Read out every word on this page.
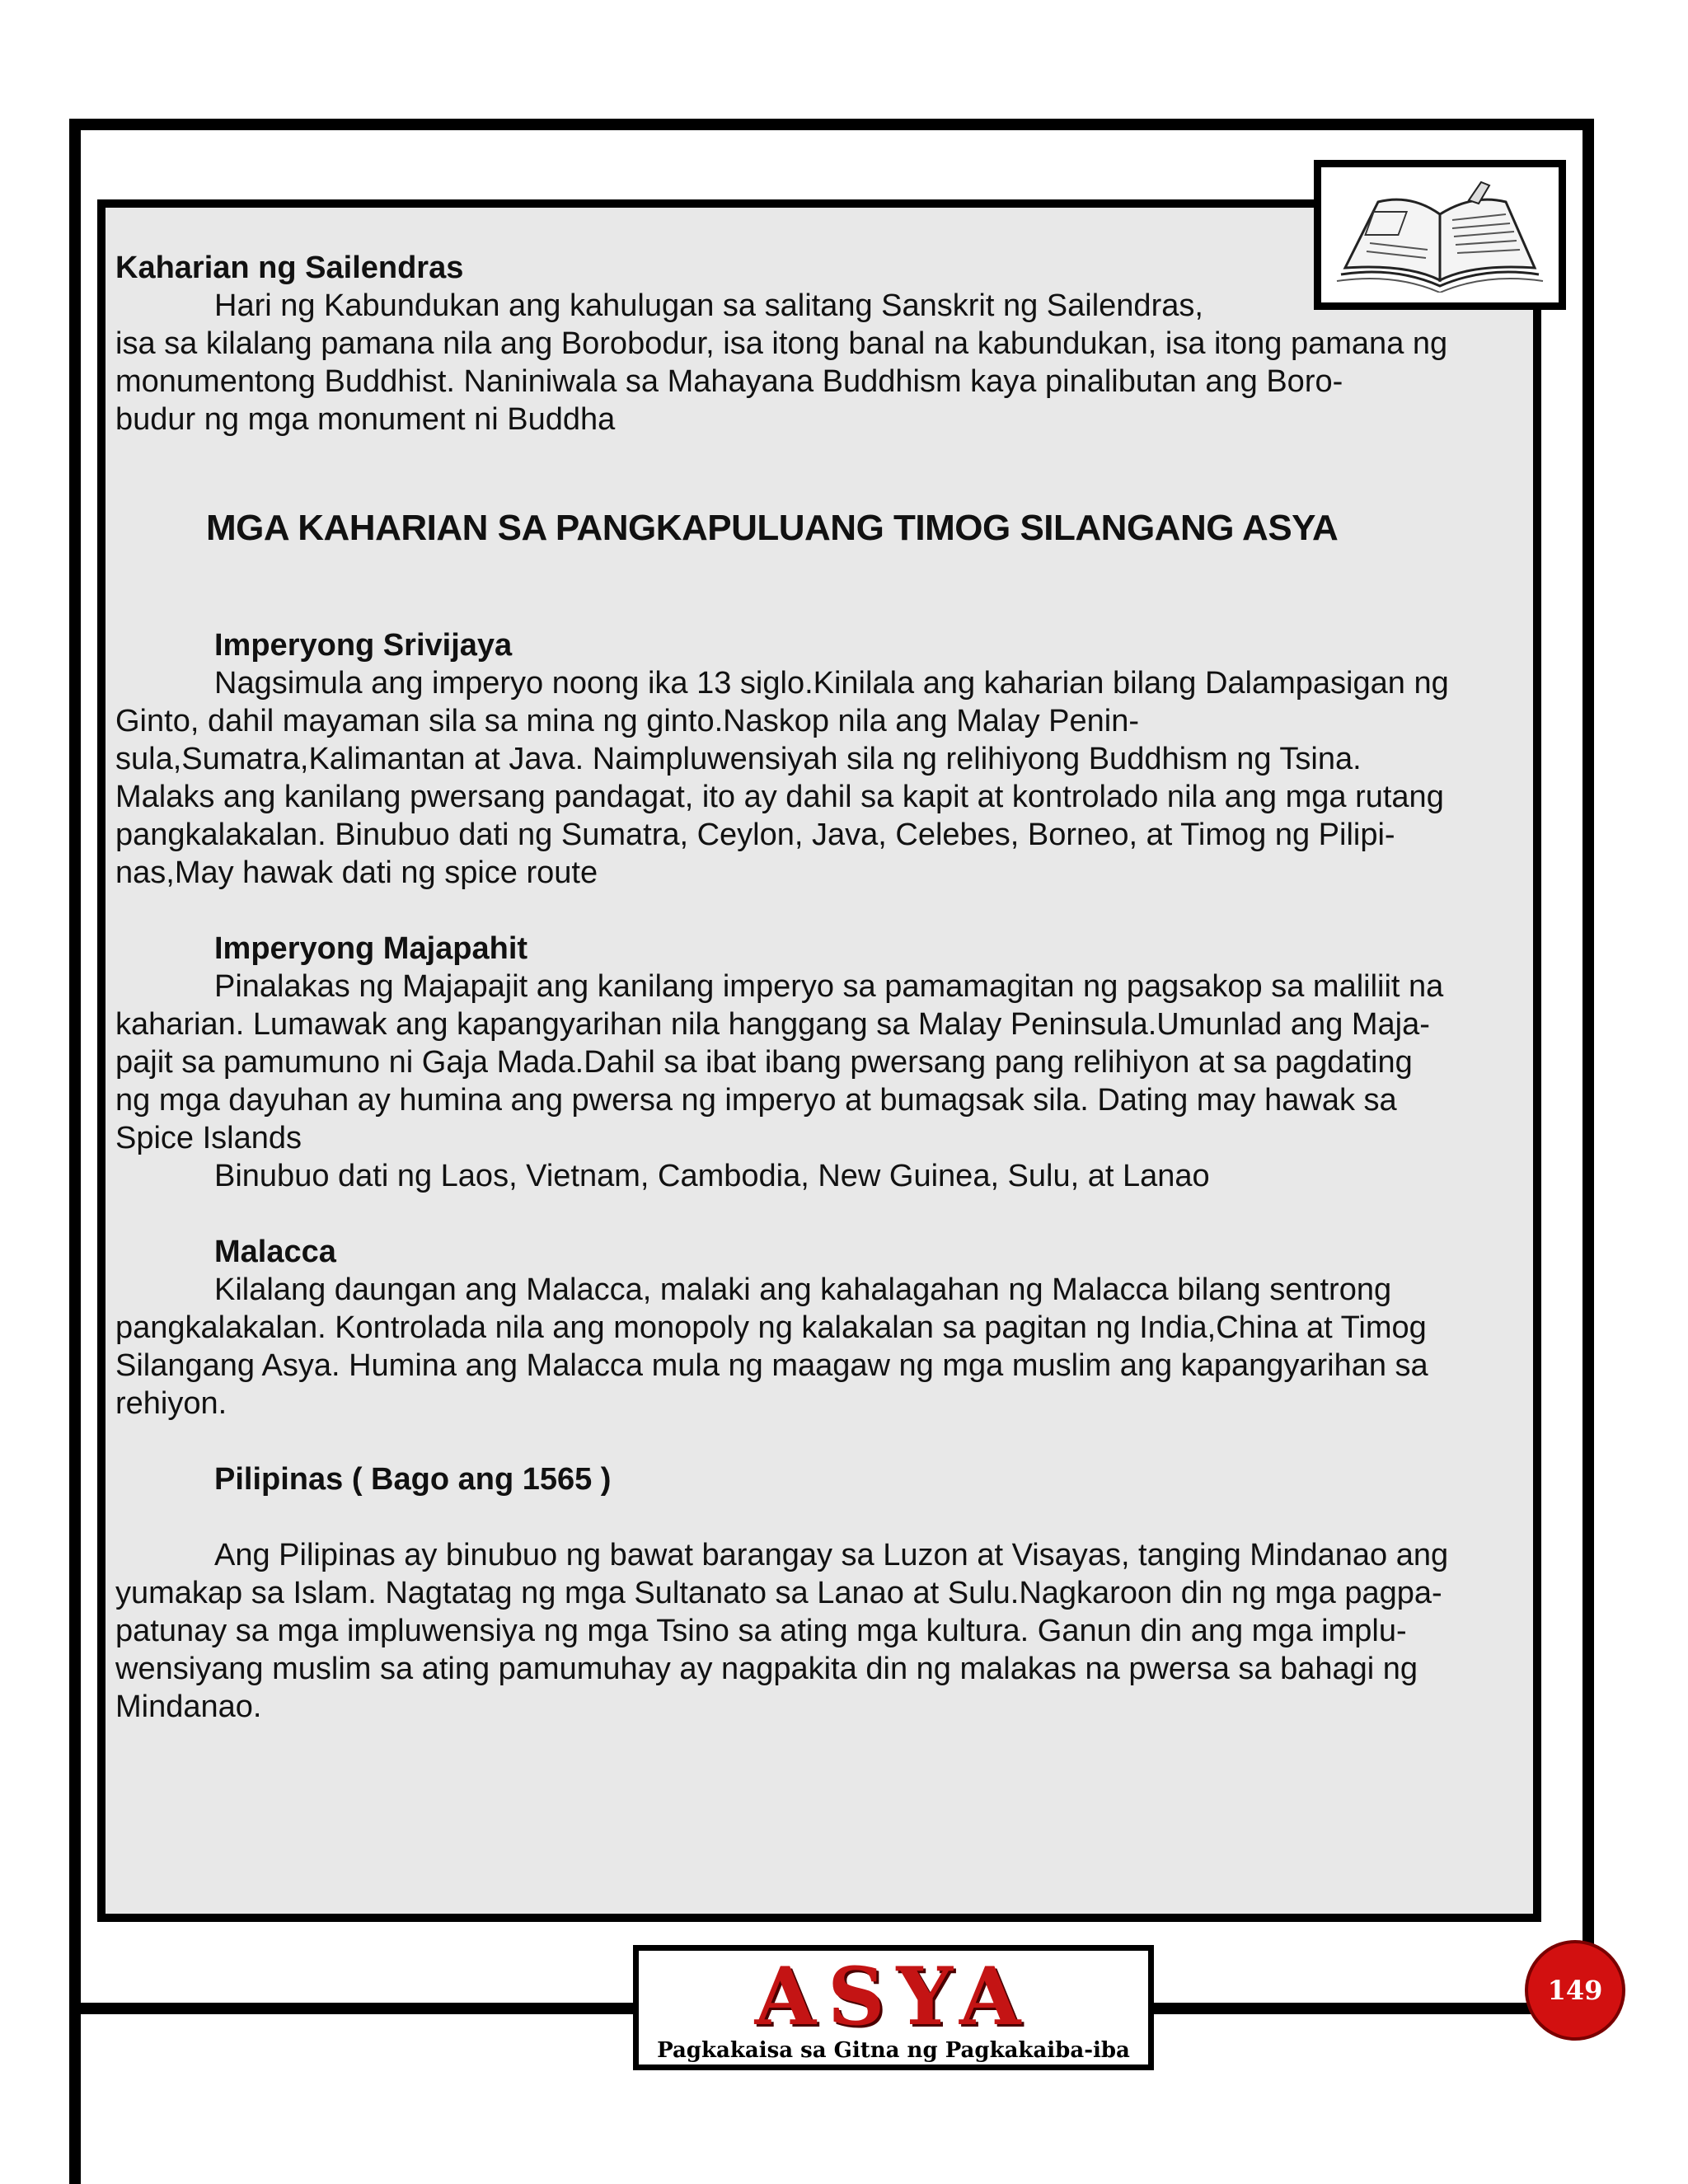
Kaharian ng Sailendras

Hari ng Kabundukan ang kahulugan sa salitang Sanskrit ng Sailendras,

isa sa kilalang pamana nila ang Borobodur, isa itong banal na kabundukan, isa itong pamana ng

monumentong Buddhist. Naniniwala sa Mahayana Buddhism kaya pinalibutan ang Boro-

budur ng mga monument ni Buddha

MGA KAHARIAN SA PANGKAPULUANG TIMOG SILANGANG ASYA

Imperyong Srivijaya

Nagsimula ang imperyo noong ika 13 siglo.Kinilala ang kaharian bilang Dalampasigan ng

Ginto, dahil mayaman sila sa mina ng ginto.Naskop nila ang Malay Penin-

sula,Sumatra,Kalimantan at Java. Naimpluwensiyah sila ng relihiyong Buddhism ng Tsina.

Malaks ang kanilang pwersang pandagat, ito ay dahil sa kapit at kontrolado nila ang mga rutang

pangkalakalan. Binubuo dati ng Sumatra, Ceylon, Java, Celebes, Borneo, at Timog ng Pilipi-

nas,May hawak dati ng spice route

Imperyong Majapahit

Pinalakas ng Majapajit ang kanilang imperyo sa pamamagitan ng pagsakop sa maliliit na

kaharian. Lumawak ang kapangyarihan nila hanggang sa Malay Peninsula.Umunlad ang Maja-

pajit sa pamumuno ni Gaja Mada.Dahil sa ibat ibang pwersang pang relihiyon at sa pagdating

ng mga dayuhan ay humina ang pwersa ng imperyo at bumagsak sila. Dating may hawak sa

Spice Islands

Binubuo dati ng Laos, Vietnam, Cambodia, New Guinea, Sulu, at Lanao

Malacca

Kilalang daungan ang Malacca, malaki ang kahalagahan ng Malacca bilang sentrong

pangkalakalan. Kontrolada nila ang monopoly ng kalakalan sa pagitan ng India,China at Timog

Silangang Asya. Humina ang Malacca mula ng maagaw ng mga muslim ang kapangyarihan sa

rehiyon.

Pilipinas ( Bago ang 1565 )

Ang Pilipinas ay binubuo ng bawat barangay sa Luzon at Visayas, tanging Mindanao ang

yumakap sa Islam. Nagtatag ng mga Sultanato sa Lanao at Sulu.Nagkaroon din ng mga pagpa-

patunay sa mga impluwensiya ng mga Tsino sa ating mga kultura. Ganun din ang mga implu-

wensiyang muslim sa ating pamumuhay ay nagpakita din ng malakas na pwersa sa bahagi ng

Mindanao.

ASYA
Pagkakaisa sa Gitna ng Pagkakaiba-iba
149
